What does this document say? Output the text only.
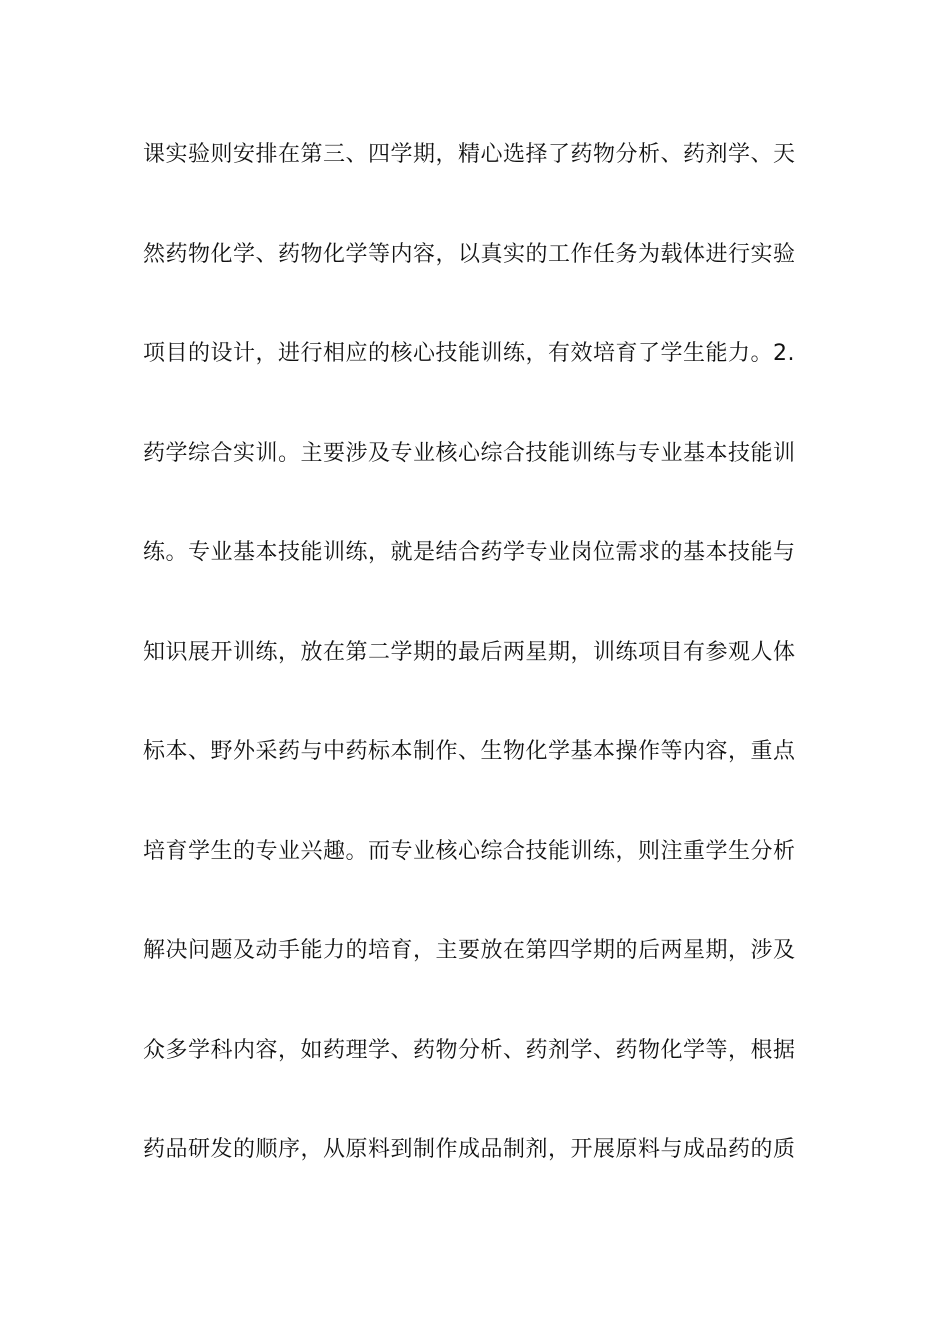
课实验则安排在第三、四学期，精心选择了药物分析、药剂学、天
然药物化学、药物化学等内容，以真实的工作任务为载体进行实验
项目的设计，进行相应的核心技能训练，有效培育了学生能力。2.
药学综合实训。主要涉及专业核心综合技能训练与专业基本技能训
练。专业基本技能训练，就是结合药学专业岗位需求的基本技能与
知识展开训练，放在第二学期的最后两星期，训练项目有参观人体
标本、野外采药与中药标本制作、生物化学基本操作等内容，重点
培育学生的专业兴趣。而专业核心综合技能训练，则注重学生分析
解决问题及动手能力的培育，主要放在第四学期的后两星期，涉及
众多学科内容，如药理学、药物分析、药剂学、药物化学等，根据
药品研发的顺序，从原料到制作成品制剂，开展原料与成品药的质
